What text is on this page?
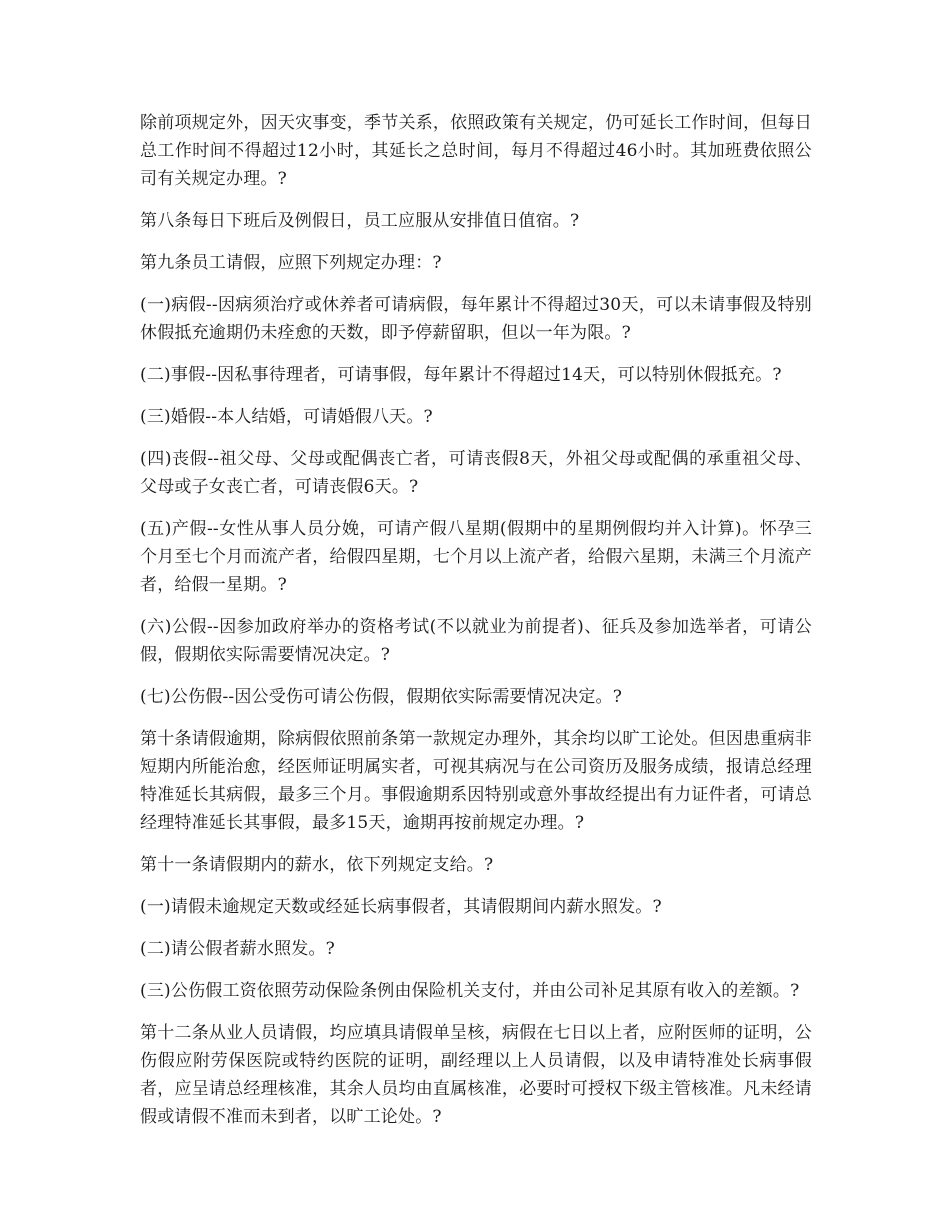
除前项规定外，因天灾事变，季节关系，依照政策有关规定，仍可延长工作时间，但每日总工作时间不得超过12小时，其延长之总时间，每月不得超过46小时。其加班费依照公司有关规定办理。?

第八条每日下班后及例假日，员工应服从安排值日值宿。?

第九条员工请假，应照下列规定办理：?

(一)病假--因病须治疗或休养者可请病假，每年累计不得超过30天，可以未请事假及特别休假抵充逾期仍未痊愈的天数，即予停薪留职，但以一年为限。?

(二)事假--因私事待理者，可请事假，每年累计不得超过14天，可以特别休假抵充。?

(三)婚假--本人结婚，可请婚假八天。?

(四)丧假--祖父母、父母或配偶丧亡者，可请丧假8天，外祖父母或配偶的承重祖父母、父母或子女丧亡者，可请丧假6天。?

(五)产假--女性从事人员分娩，可请产假八星期(假期中的星期例假均并入计算)。怀孕三个月至七个月而流产者，给假四星期，七个月以上流产者，给假六星期，未满三个月流产者，给假一星期。?

(六)公假--因参加政府举办的资格考试(不以就业为前提者)、征兵及参加选举者，可请公假，假期依实际需要情况决定。?

(七)公伤假--因公受伤可请公伤假，假期依实际需要情况决定。?

第十条请假逾期，除病假依照前条第一款规定办理外，其余均以旷工论处。但因患重病非短期内所能治愈，经医师证明属实者，可视其病况与在公司资历及服务成绩，报请总经理特准延长其病假，最多三个月。事假逾期系因特别或意外事故经提出有力证件者，可请总经理特准延长其事假，最多15天，逾期再按前规定办理。?

第十一条请假期内的薪水，依下列规定支给。?

(一)请假未逾规定天数或经延长病事假者，其请假期间内薪水照发。?

(二)请公假者薪水照发。?

(三)公伤假工资依照劳动保险条例由保险机关支付，并由公司补足其原有收入的差额。?

第十二条从业人员请假，均应填具请假单呈核，病假在七日以上者，应附医师的证明，公伤假应附劳保医院或特约医院的证明，副经理以上人员请假，以及申请特准处长病事假者，应呈请总经理核准，其余人员均由直属核准，必要时可授权下级主管核准。凡未经请假或请假不准而未到者，以旷工论处。?
